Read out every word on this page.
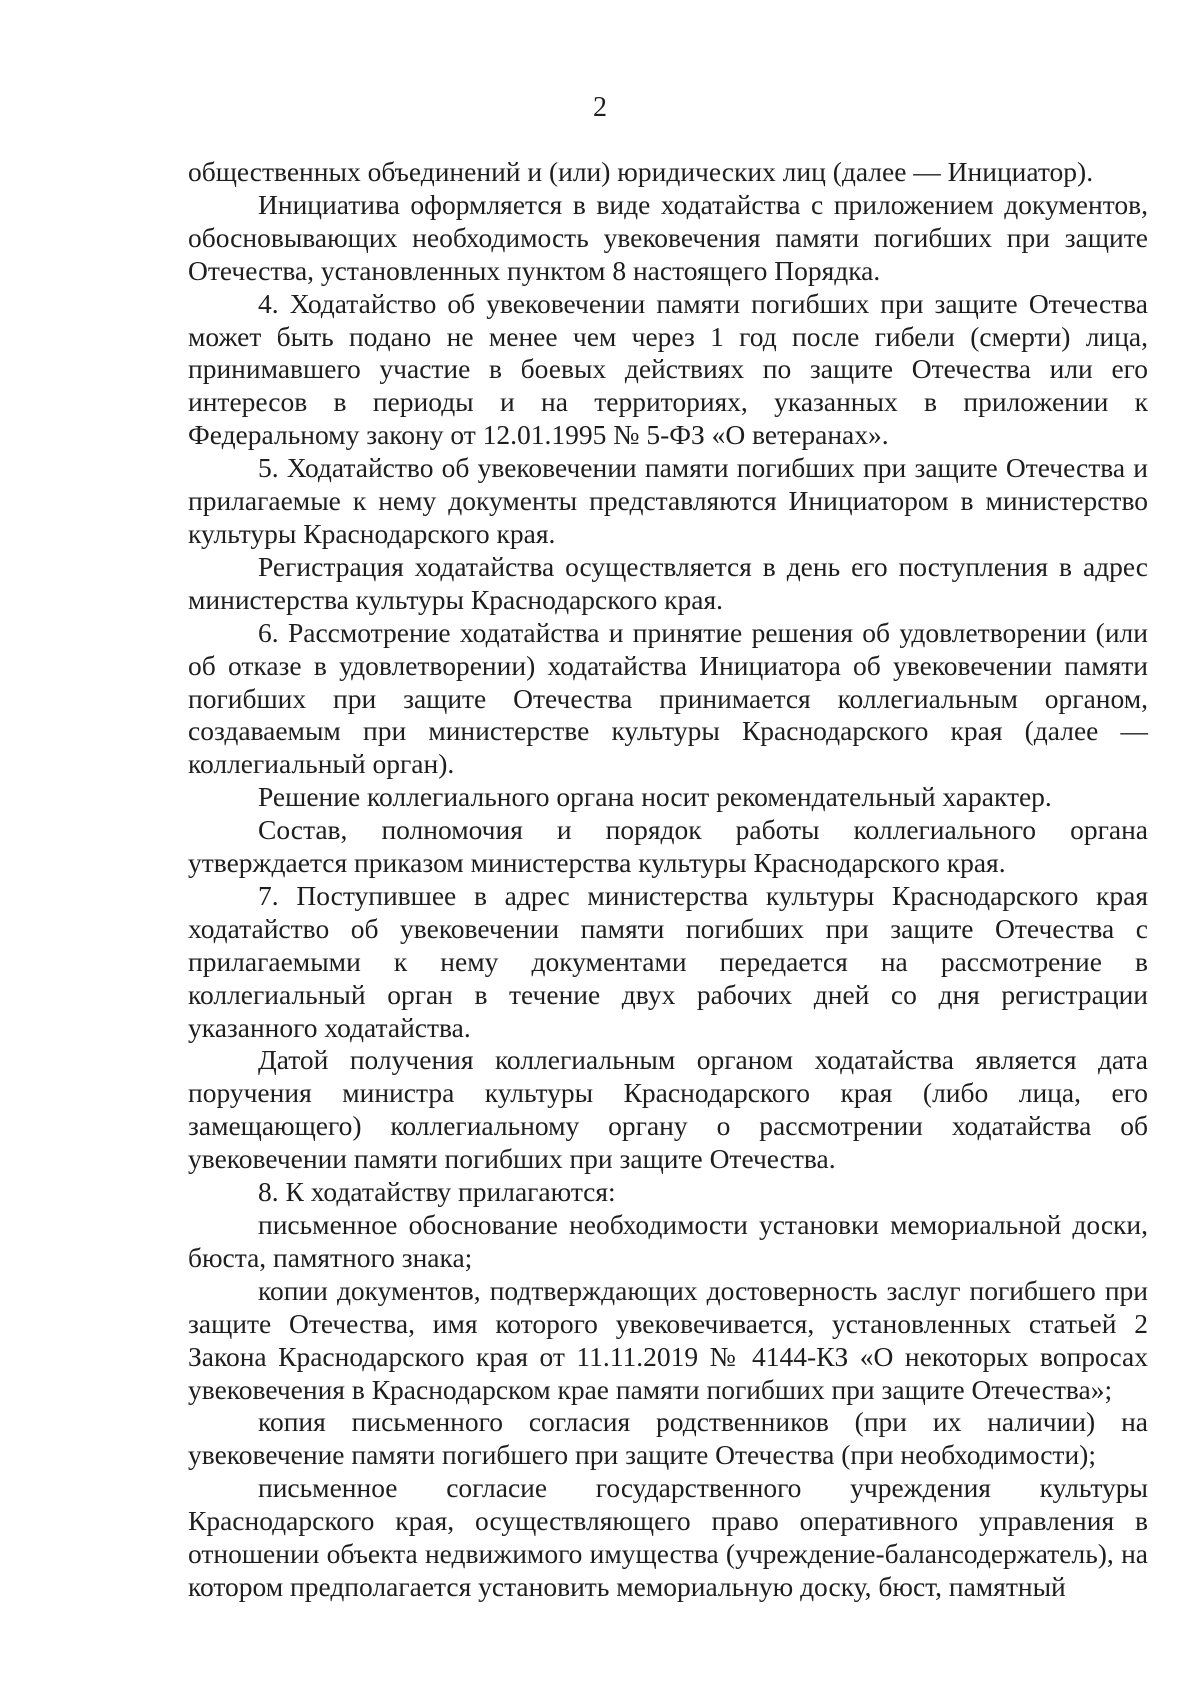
2

общественных объединений и (или) юридических лиц (далее — Инициатор).

Инициатива оформляется в виде ходатайства с приложением документов, обосновывающих необходимость увековечения памяти погибших при защите Отечества, установленных пунктом 8 настоящего Порядка.

4. Ходатайство об увековечении памяти погибших при защите Отечества может быть подано не менее чем через 1 год после гибели (смерти) лица, принимавшего участие в боевых действиях по защите Отечества или его интересов в периоды и на территориях, указанных в приложении к Федеральному закону от 12.01.1995 № 5-ФЗ «О ветеранах».

5. Ходатайство об увековечении памяти погибших при защите Отечества и прилагаемые к нему документы представляются Инициатором в министерство культуры Краснодарского края.

Регистрация ходатайства осуществляется в день его поступления в адрес министерства культуры Краснодарского края.

6. Рассмотрение ходатайства и принятие решения об удовлетворении (или об отказе в удовлетворении) ходатайства Инициатора об увековечении памяти погибших при защите Отечества принимается коллегиальным органом, создаваемым при министерстве культуры Краснодарского края (далее — коллегиальный орган).

Решение коллегиального органа носит рекомендательный характер.

Состав, полномочия и порядок работы коллегиального органа утверждается приказом министерства культуры Краснодарского края.

7. Поступившее в адрес министерства культуры Краснодарского края ходатайство об увековечении памяти погибших при защите Отечества с прилагаемыми к нему документами передается на рассмотрение в коллегиальный орган в течение двух рабочих дней со дня регистрации указанного ходатайства.

Датой получения коллегиальным органом ходатайства является дата поручения министра культуры Краснодарского края (либо лица, его замещающего) коллегиальному органу о рассмотрении ходатайства об увековечении памяти погибших при защите Отечества.

8. К ходатайству прилагаются:

письменное обоснование необходимости установки мемориальной доски, бюста, памятного знака;

копии документов, подтверждающих достоверность заслуг погибшего при защите Отечества, имя которого увековечивается, установленных статьей 2 Закона Краснодарского края от 11.11.2019 № 4144-КЗ «О некоторых вопросах увековечения в Краснодарском крае памяти погибших при защите Отечества»;

копия письменного согласия родственников (при их наличии) на увековечение памяти погибшего при защите Отечества (при необходимости);

письменное согласие государственного учреждения культуры Краснодарского края, осуществляющего право оперативного управления в отношении объекта недвижимого имущества (учреждение-балансодержатель), на котором предполагается установить мемориальную доску, бюст, памятный
